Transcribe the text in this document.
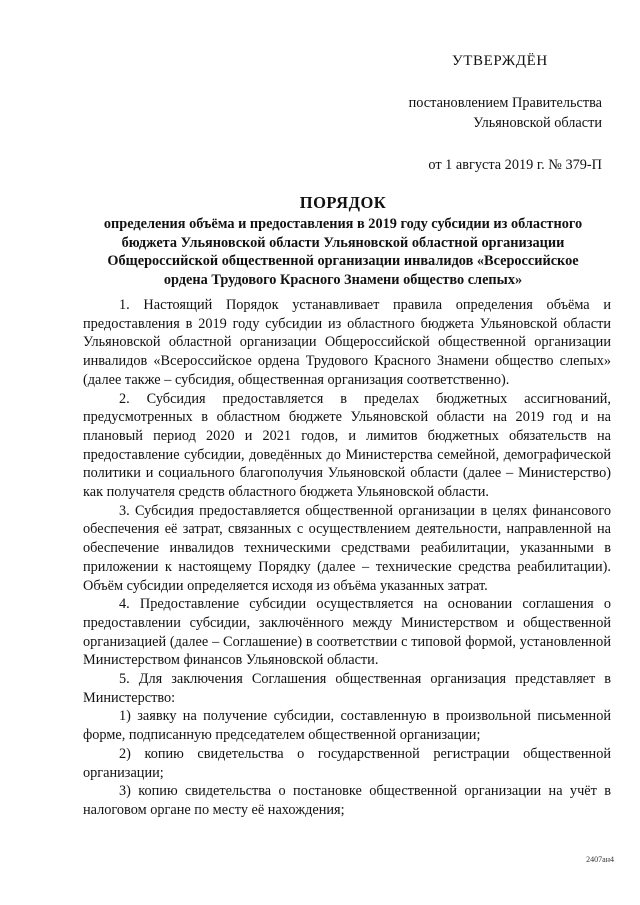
УТВЕРЖДЁН
постановлением Правительства
Ульяновской области
от 1 августа 2019 г. № 379-П
ПОРЯДОК
определения объёма и предоставления в 2019 году субсидии из областного бюджета Ульяновской области Ульяновской областной организации Общероссийской общественной организации инвалидов «Всероссийское ордена Трудового Красного Знамени общество слепых»

1. Настоящий Порядок устанавливает правила определения объёма и предоставления в 2019 году субсидии из областного бюджета Ульяновской области Ульяновской областной организации Общероссийской общественной организации инвалидов «Всероссийское ордена Трудового Красного Знамени общество слепых» (далее также – субсидия, общественная организация соответственно).

2. Субсидия предоставляется в пределах бюджетных ассигнований, предусмотренных в областном бюджете Ульяновской области на 2019 год и на плановый период 2020 и 2021 годов, и лимитов бюджетных обязательств на предоставление субсидии, доведённых до Министерства семейной, демографической политики и социального благополучия Ульяновской области (далее – Министерство) как получателя средств областного бюджета Ульяновской области.

3. Субсидия предоставляется общественной организации в целях финансового обеспечения её затрат, связанных с осуществлением деятельности, направленной на обеспечение инвалидов техническими средствами реабилитации, указанными в приложении к настоящему Порядку (далее – технические средства реабилитации). Объём субсидии определяется исходя из объёма указанных затрат.

4. Предоставление субсидии осуществляется на основании соглашения о предоставлении субсидии, заключённого между Министерством и общественной организацией (далее – Соглашение) в соответствии с типовой формой, установленной Министерством финансов Ульяновской области.

5. Для заключения Соглашения общественная организация представляет в Министерство:

1) заявку на получение субсидии, составленную в произвольной письменной форме, подписанную председателем общественной организации;

2) копию свидетельства о государственной регистрации общественной организации;

3) копию свидетельства о постановке общественной организации на учёт в налоговом органе по месту её нахождения;

2407ан4
